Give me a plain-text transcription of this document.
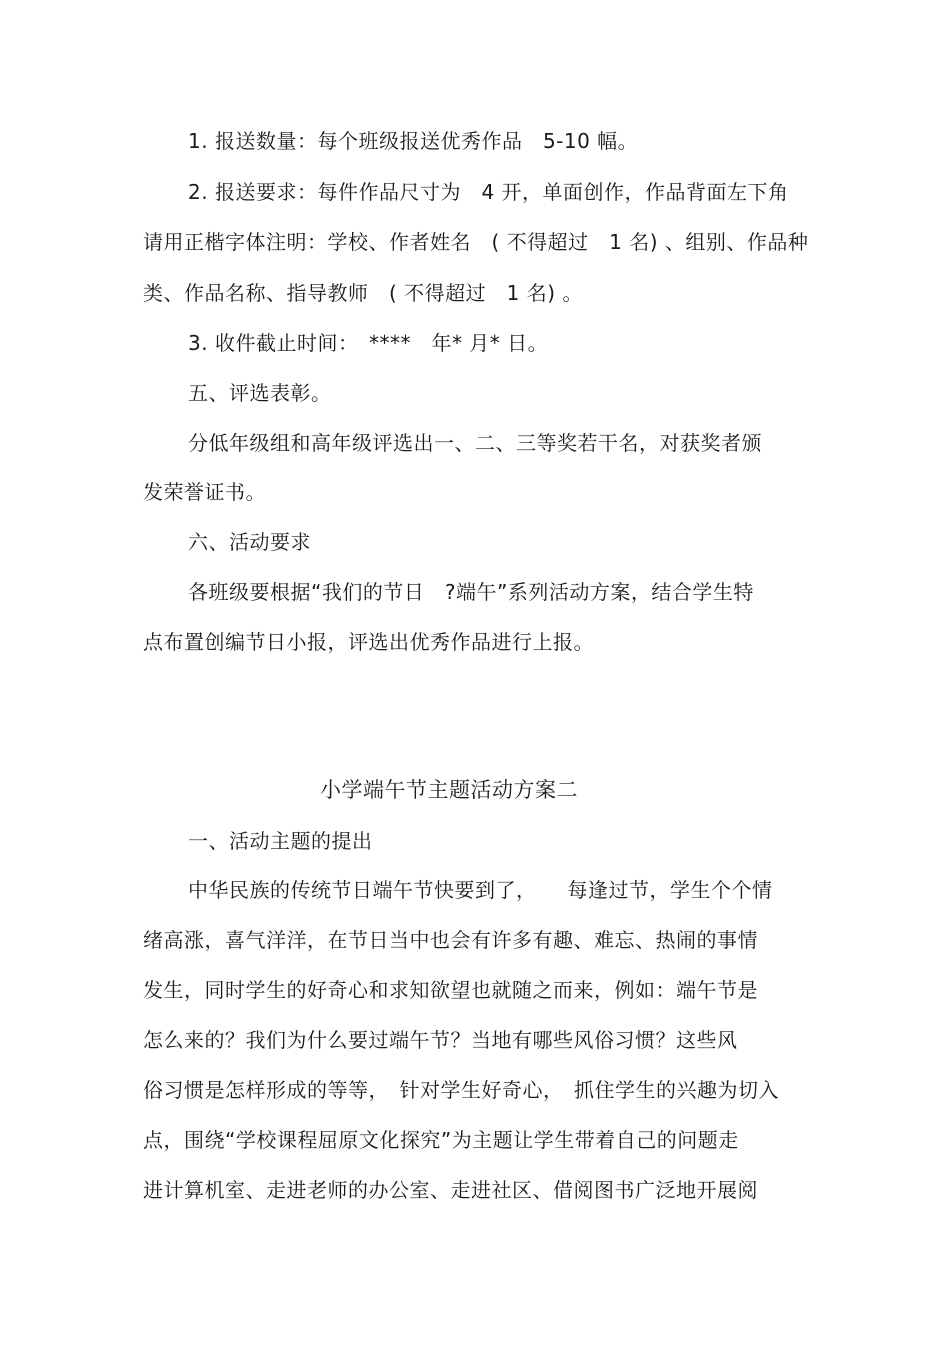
1. 报送数量：每个班级报送优秀作品　5-10 幅。
2. 报送要求：每件作品尺寸为　4 开，单面创作，作品背面左下角
请用正楷字体注明：学校、作者姓名　( 不得超过　1 名) 、组别、作品种
类、作品名称、指导教师　( 不得超过　1 名) 。
3. 收件截止时间：　****　年* 月* 日。
五、评选表彰。
分低年级组和高年级评选出一、二、三等奖若干名，对获奖者颁
发荣誉证书。
六、活动要求
各班级要根据“我们的节日　?端午”系列活动方案，结合学生特
点布置创编节日小报，评选出优秀作品进行上报。
小学端午节主题活动方案二
一、活动主题的提出
中华民族的传统节日端午节快要到了，　　每逢过节，学生个个情
绪高涨，喜气洋洋，在节日当中也会有许多有趣、难忘、热闹的事情
发生，同时学生的好奇心和求知欲望也就随之而来，例如：端午节是
怎么来的？我们为什么要过端午节？当地有哪些风俗习惯？这些风
俗习惯是怎样形成的等等，　针对学生好奇心，　抓住学生的兴趣为切入
点，围绕“学校课程屈原文化探究”为主题让学生带着自己的问题走
进计算机室、走进老师的办公室、走进社区、借阅图书广泛地开展阅
